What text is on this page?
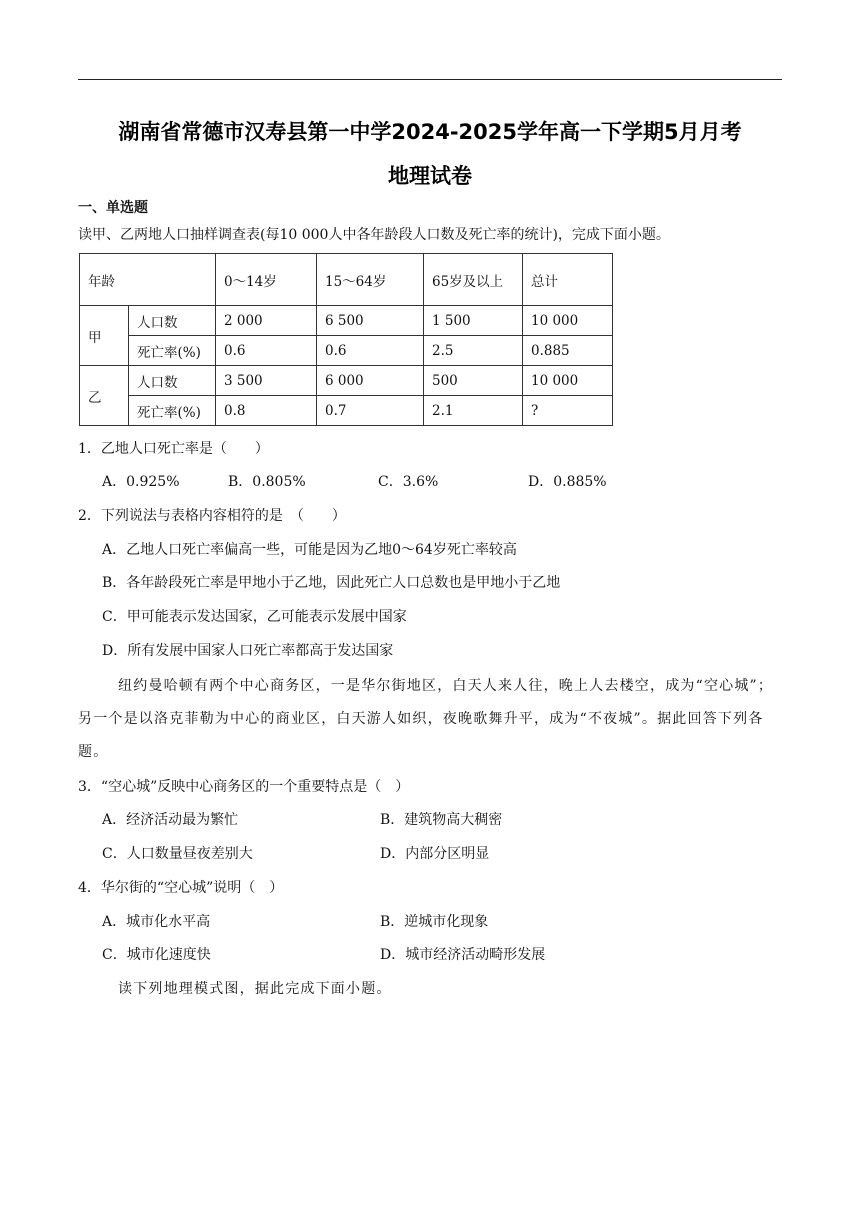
湖南省常德市汉寿县第一中学2024-2025学年高一下学期5月月考
地理试卷
一、单选题
读甲、乙两地人口抽样调查表(每10 000人中各年龄段人口数及死亡率的统计)，完成下面小题。
年龄		0～14岁	15～64岁	65岁及以上	总计
甲	人口数	2 000	6 500	1 500	10 000
	死亡率(%)	0.6	0.6	2.5	0.885
乙	人口数	3 500	6 000	500	10 000
	死亡率(%)	0.8	0.7	2.1	?
1．乙地人口死亡率是（　　）
A．0.925%	B．0.805%	C．3.6%	D．0.885%
2．下列说法与表格内容相符的是　（　　）
A．乙地人口死亡率偏高一些，可能是因为乙地0～64岁死亡率较高
B．各年龄段死亡率是甲地小于乙地，因此死亡人口总数也是甲地小于乙地
C．甲可能表示发达国家，乙可能表示发展中国家
D．所有发展中国家人口死亡率都高于发达国家
纽约曼哈顿有两个中心商务区，一是华尔街地区，白天人来人往，晚上人去楼空，成为“空心城”；
另一个是以洛克菲勒为中心的商业区，白天游人如织，夜晚歌舞升平，成为“不夜城”。据此回答下列各
题。
3．“空心城”反映中心商务区的一个重要特点是（　）
A．经济活动最为繁忙	B．建筑物高大稠密
C．人口数量昼夜差别大	D．内部分区明显
4．华尔街的“空心城”说明（　）
A．城市化水平高	B．逆城市化现象
C．城市化速度快	D．城市经济活动畸形发展
读下列地理模式图，据此完成下面小题。
